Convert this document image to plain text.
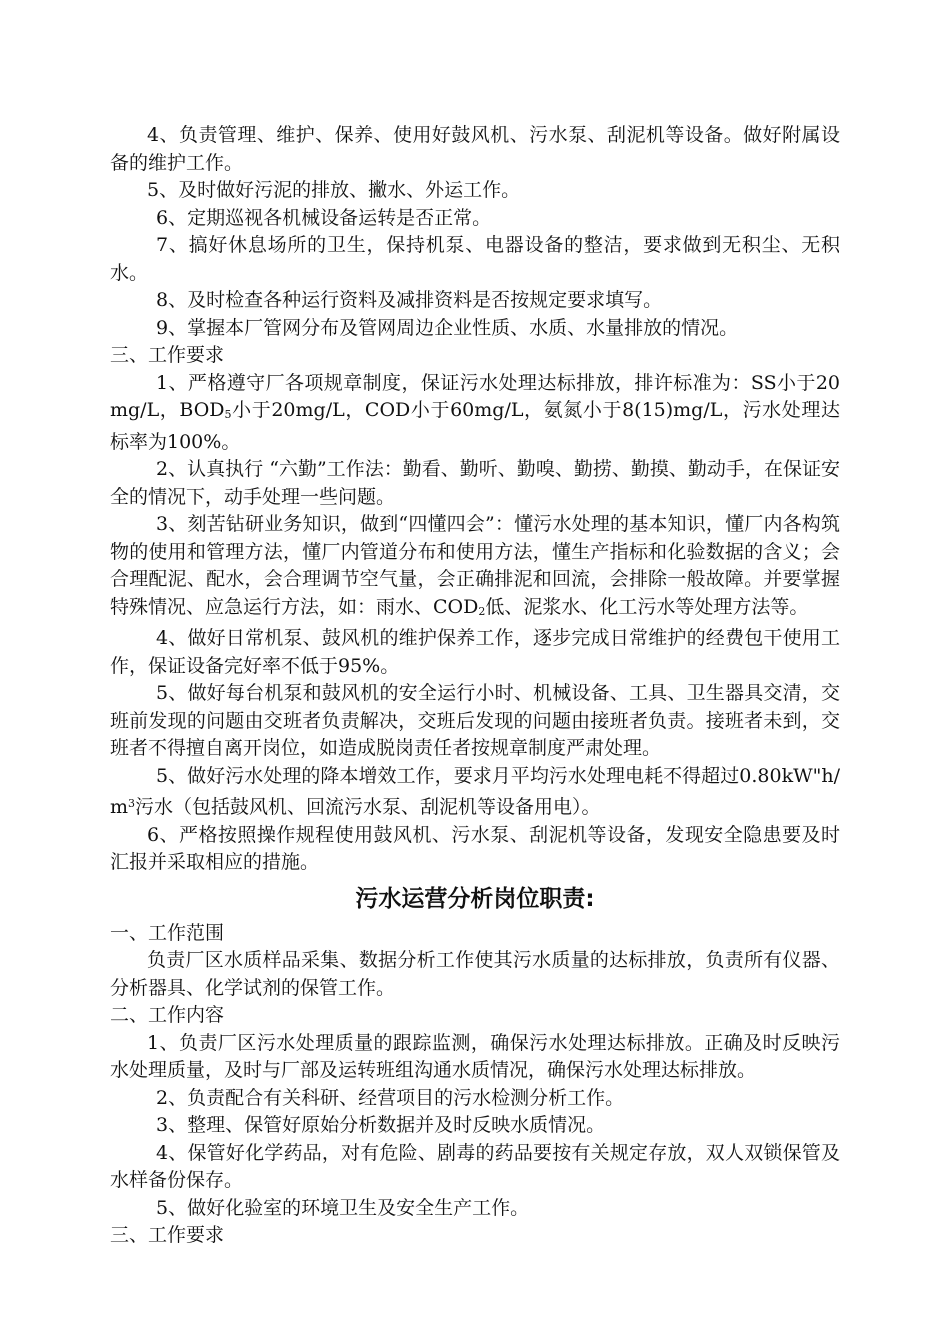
4、负责管理、维护、保养、使用好鼓风机、污水泵、刮泥机等设备。做好附属设备的维护工作。

5、及时做好污泥的排放、撇水、外运工作。

6、定期巡视各机械设备运转是否正常。

7、搞好休息场所的卫生，保持机泵、电器设备的整洁，要求做到无积尘、无积水。

8、及时检查各种运行资料及减排资料是否按规定要求填写。

9、掌握本厂管网分布及管网周边企业性质、水质、水量排放的情况。

三、工作要求

1、严格遵守厂各项规章制度，保证污水处理达标排放，排许标准为：SS小于20mg/L，BOD5小于20mg/L，COD小于60mg/L，氨氮小于8(15)mg/L，污水处理达标率为100%。

2、认真执行 “六勤”工作法：勤看、勤听、勤嗅、勤捞、勤摸、勤动手，在保证安全的情况下，动手处理一些问题。

3、刻苦钻研业务知识，做到“四懂四会”：懂污水处理的基本知识，懂厂内各构筑物的使用和管理方法，懂厂内管道分布和使用方法，懂生产指标和化验数据的含义；会合理配泥、配水，会合理调节空气量，会正确排泥和回流，会排除一般故障。并要掌握特殊情况、应急运行方法，如：雨水、COD2低、泥浆水、化工污水等处理方法等。

4、做好日常机泵、鼓风机的维护保养工作，逐步完成日常维护的经费包干使用工作，保证设备完好率不低于95%。

5、做好每台机泵和鼓风机的安全运行小时、机械设备、工具、卫生器具交清，交班前发现的问题由交班者负责解决，交班后发现的问题由接班者负责。接班者未到，交班者不得擅自离开岗位，如造成脱岗责任者按规章制度严肃处理。

5、做好污水处理的降本增效工作，要求月平均污水处理电耗不得超过$0.80kW"h/m^3$污水（包括鼓风机、回流污水泵、刮泥机等设备用电）。

6、严格按照操作规程使用鼓风机、污水泵、刮泥机等设备，发现安全隐患要及时汇报并采取相应的措施。

污水运营分析岗位职责:

一、工作范围

负责厂区水质样品采集、数据分析工作使其污水质量的达标排放，负责所有仪器、分析器具、化学试剂的保管工作。

二、工作内容

1、负责厂区污水处理质量的跟踪监测，确保污水处理达标排放。正确及时反映污水处理质量，及时与厂部及运转班组沟通水质情况，确保污水处理达标排放。

2、负责配合有关科研、经营项目的污水检测分析工作。

3、整理、保管好原始分析数据并及时反映水质情况。

4、保管好化学药品，对有危险、剧毒的药品要按有关规定存放，双人双锁保管及水样备份保存。

5、做好化验室的环境卫生及安全生产工作。

三、工作要求
